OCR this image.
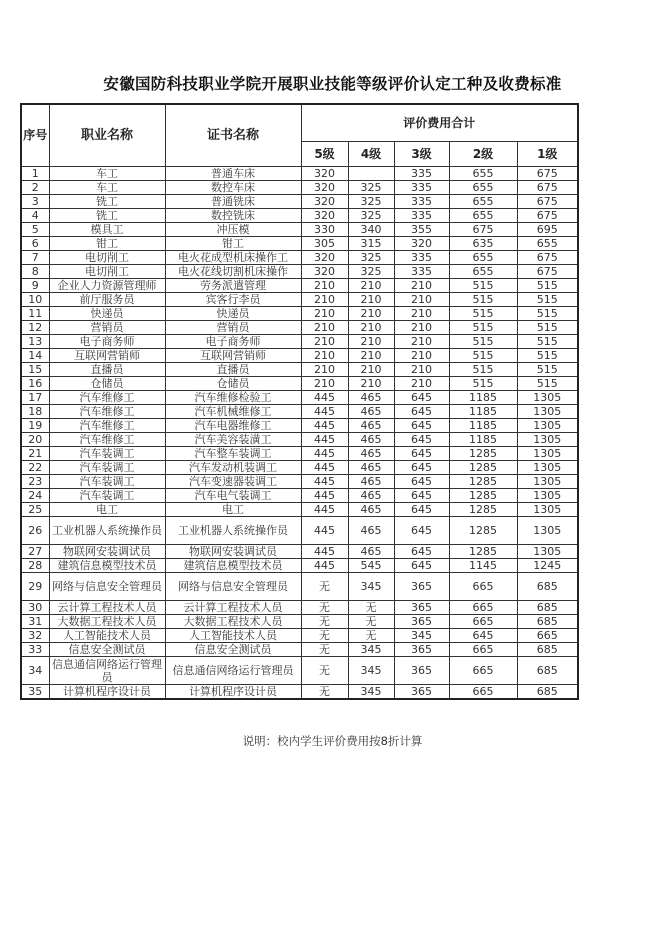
安徽国防科技职业学院开展职业技能等级评价认定工种及收费标准
序号	职业名称	证书名称	评价费用合计				
			5级	4级	3级	2级	1级
1	车工	普通车床	320		335	655	675
2	车工	数控车床	320	325	335	655	675
3	铣工	普通铣床	320	325	335	655	675
4	铣工	数控铣床	320	325	335	655	675
5	模具工	冲压模	330	340	355	675	695
6	钳工	钳工	305	315	320	635	655
7	电切削工	电火花成型机床操作工	320	325	335	655	675
8	电切削工	电火花线切割机床操作	320	325	335	655	675
9	企业人力资源管理师	劳务派遣管理	210	210	210	515	515
10	前厅服务员	宾客行李员	210	210	210	515	515
11	快递员	快递员	210	210	210	515	515
12	营销员	营销员	210	210	210	515	515
13	电子商务师	电子商务师	210	210	210	515	515
14	互联网营销师	互联网营销师	210	210	210	515	515
15	直播员	直播员	210	210	210	515	515
16	仓储员	仓储员	210	210	210	515	515
17	汽车维修工	汽车维修检验工	445	465	645	1185	1305
18	汽车维修工	汽车机械维修工	445	465	645	1185	1305
19	汽车维修工	汽车电器维修工	445	465	645	1185	1305
20	汽车维修工	汽车美容装潢工	445	465	645	1185	1305
21	汽车装调工	汽车整车装调工	445	465	645	1285	1305
22	汽车装调工	汽车发动机装调工	445	465	645	1285	1305
23	汽车装调工	汽车变速器装调工	445	465	645	1285	1305
24	汽车装调工	汽车电气装调工	445	465	645	1285	1305
25	电工	电工	445	465	645	1285	1305
26	工业机器人系统操作员	工业机器人系统操作员	445	465	645	1285	1305
27	物联网安装调试员	物联网安装调试员	445	465	645	1285	1305
28	建筑信息模型技术员	建筑信息模型技术员	445	545	645	1145	1245
29	网络与信息安全管理员	网络与信息安全管理员	无	345	365	665	685
30	云计算工程技术人员	云计算工程技术人员	无	无	365	665	685
31	大数据工程技术人员	大数据工程技术人员	无	无	365	665	685
32	人工智能技术人员	人工智能技术人员	无	无	345	645	665
33	信息安全测试员	信息安全测试员	无	345	365	665	685
34	信息通信网络运行管理员	信息通信网络运行管理员	无	345	365	665	685
35	计算机程序设计员	计算机程序设计员	无	345	365	665	685
说明：校内学生评价费用按8折计算
